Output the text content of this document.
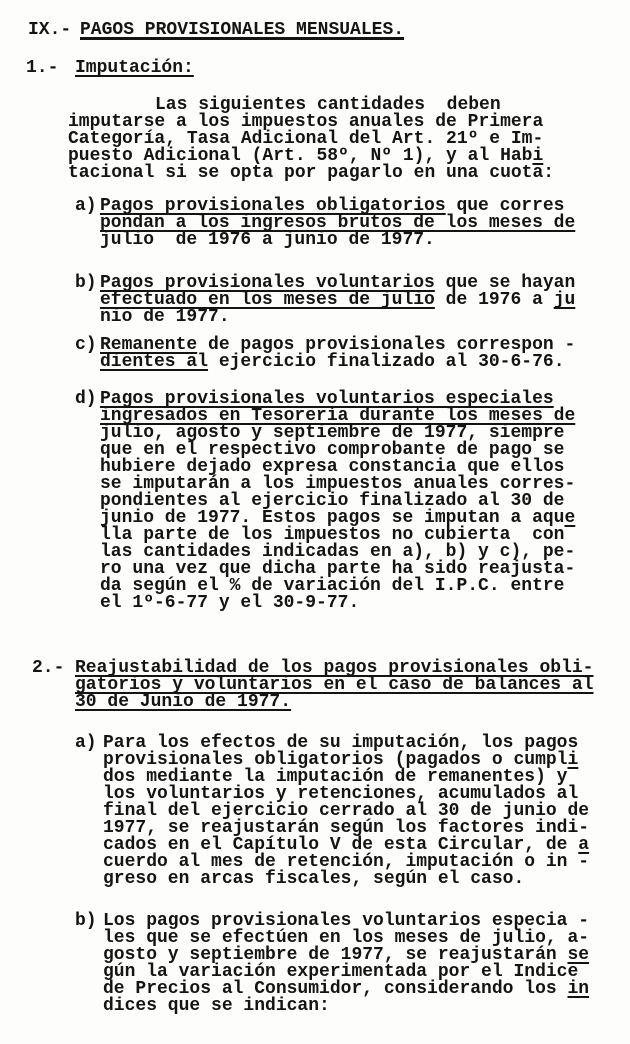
IX.-
PAGOS PROVISIONALES MENSUALES.
1.- Imputación:
Las siguientes cantidades  deben
imputarse a los impuestos anuales de Primera
Categoría, Tasa Adicional del Art. 21º e Im-
puesto Adicional (Art. 58º, Nº 1), y al Habi
tacional si se opta por pagarlo en una cuota:
a)
Pagos provisionales obligatorios que corres
pondan a los ingresos brutos de los meses de
julio  de 1976 a junio de 1977.
b)
Pagos provisionales voluntarios que se hayan
efectuado en los meses de julio de 1976 a ju
nio de 1977.
c)
Remanente de pagos provisionales correspon -
dientes al ejercicio finalizado al 30-6-76.
d)
Pagos provisionales voluntarios especiales
ingresados en Tesorería durante los meses de
julio, agosto y septiembre de 1977, siempre
que en el respectivo comprobante de pago se
hubiere dejado expresa constancia que ellos
se imputarán a los impuestos anuales corres-
pondientes al ejercicio finalizado al 30 de
junio de 1977. Estos pagos se imputan a aque
lla parte de los impuestos no cubierta  con
las cantidades indicadas en a), b) y c), pe-
ro una vez que dicha parte ha sido reajusta-
da según el % de variación del I.P.C. entre
el 1º-6-77 y el 30-9-77.
2.- Reajustabilidad de los pagos provisionales obli-
gatorios y voluntarios en el caso de balances al
30 de Junio de 1977.
a)
Para los efectos de su imputación, los pagos
provisionales obligatorios (pagados o cumpli
dos mediante la imputación de remanentes) y
los voluntarios y retenciones, acumulados al
final del ejercicio cerrado al 30 de junio de
1977, se reajustarán según los factores indi-
cados en el Capítulo V de esta Circular, de a
cuerdo al mes de retención, imputación o in -
greso en arcas fiscales, según el caso.
b)
Los pagos provisionales voluntarios especia -
les que se efectúen en los meses de julio, a-
gosto y septiembre de 1977, se reajustarán se
gún la variación experimentada por el Indice
de Precios al Consumidor, considerando los in
dices que se indican:
